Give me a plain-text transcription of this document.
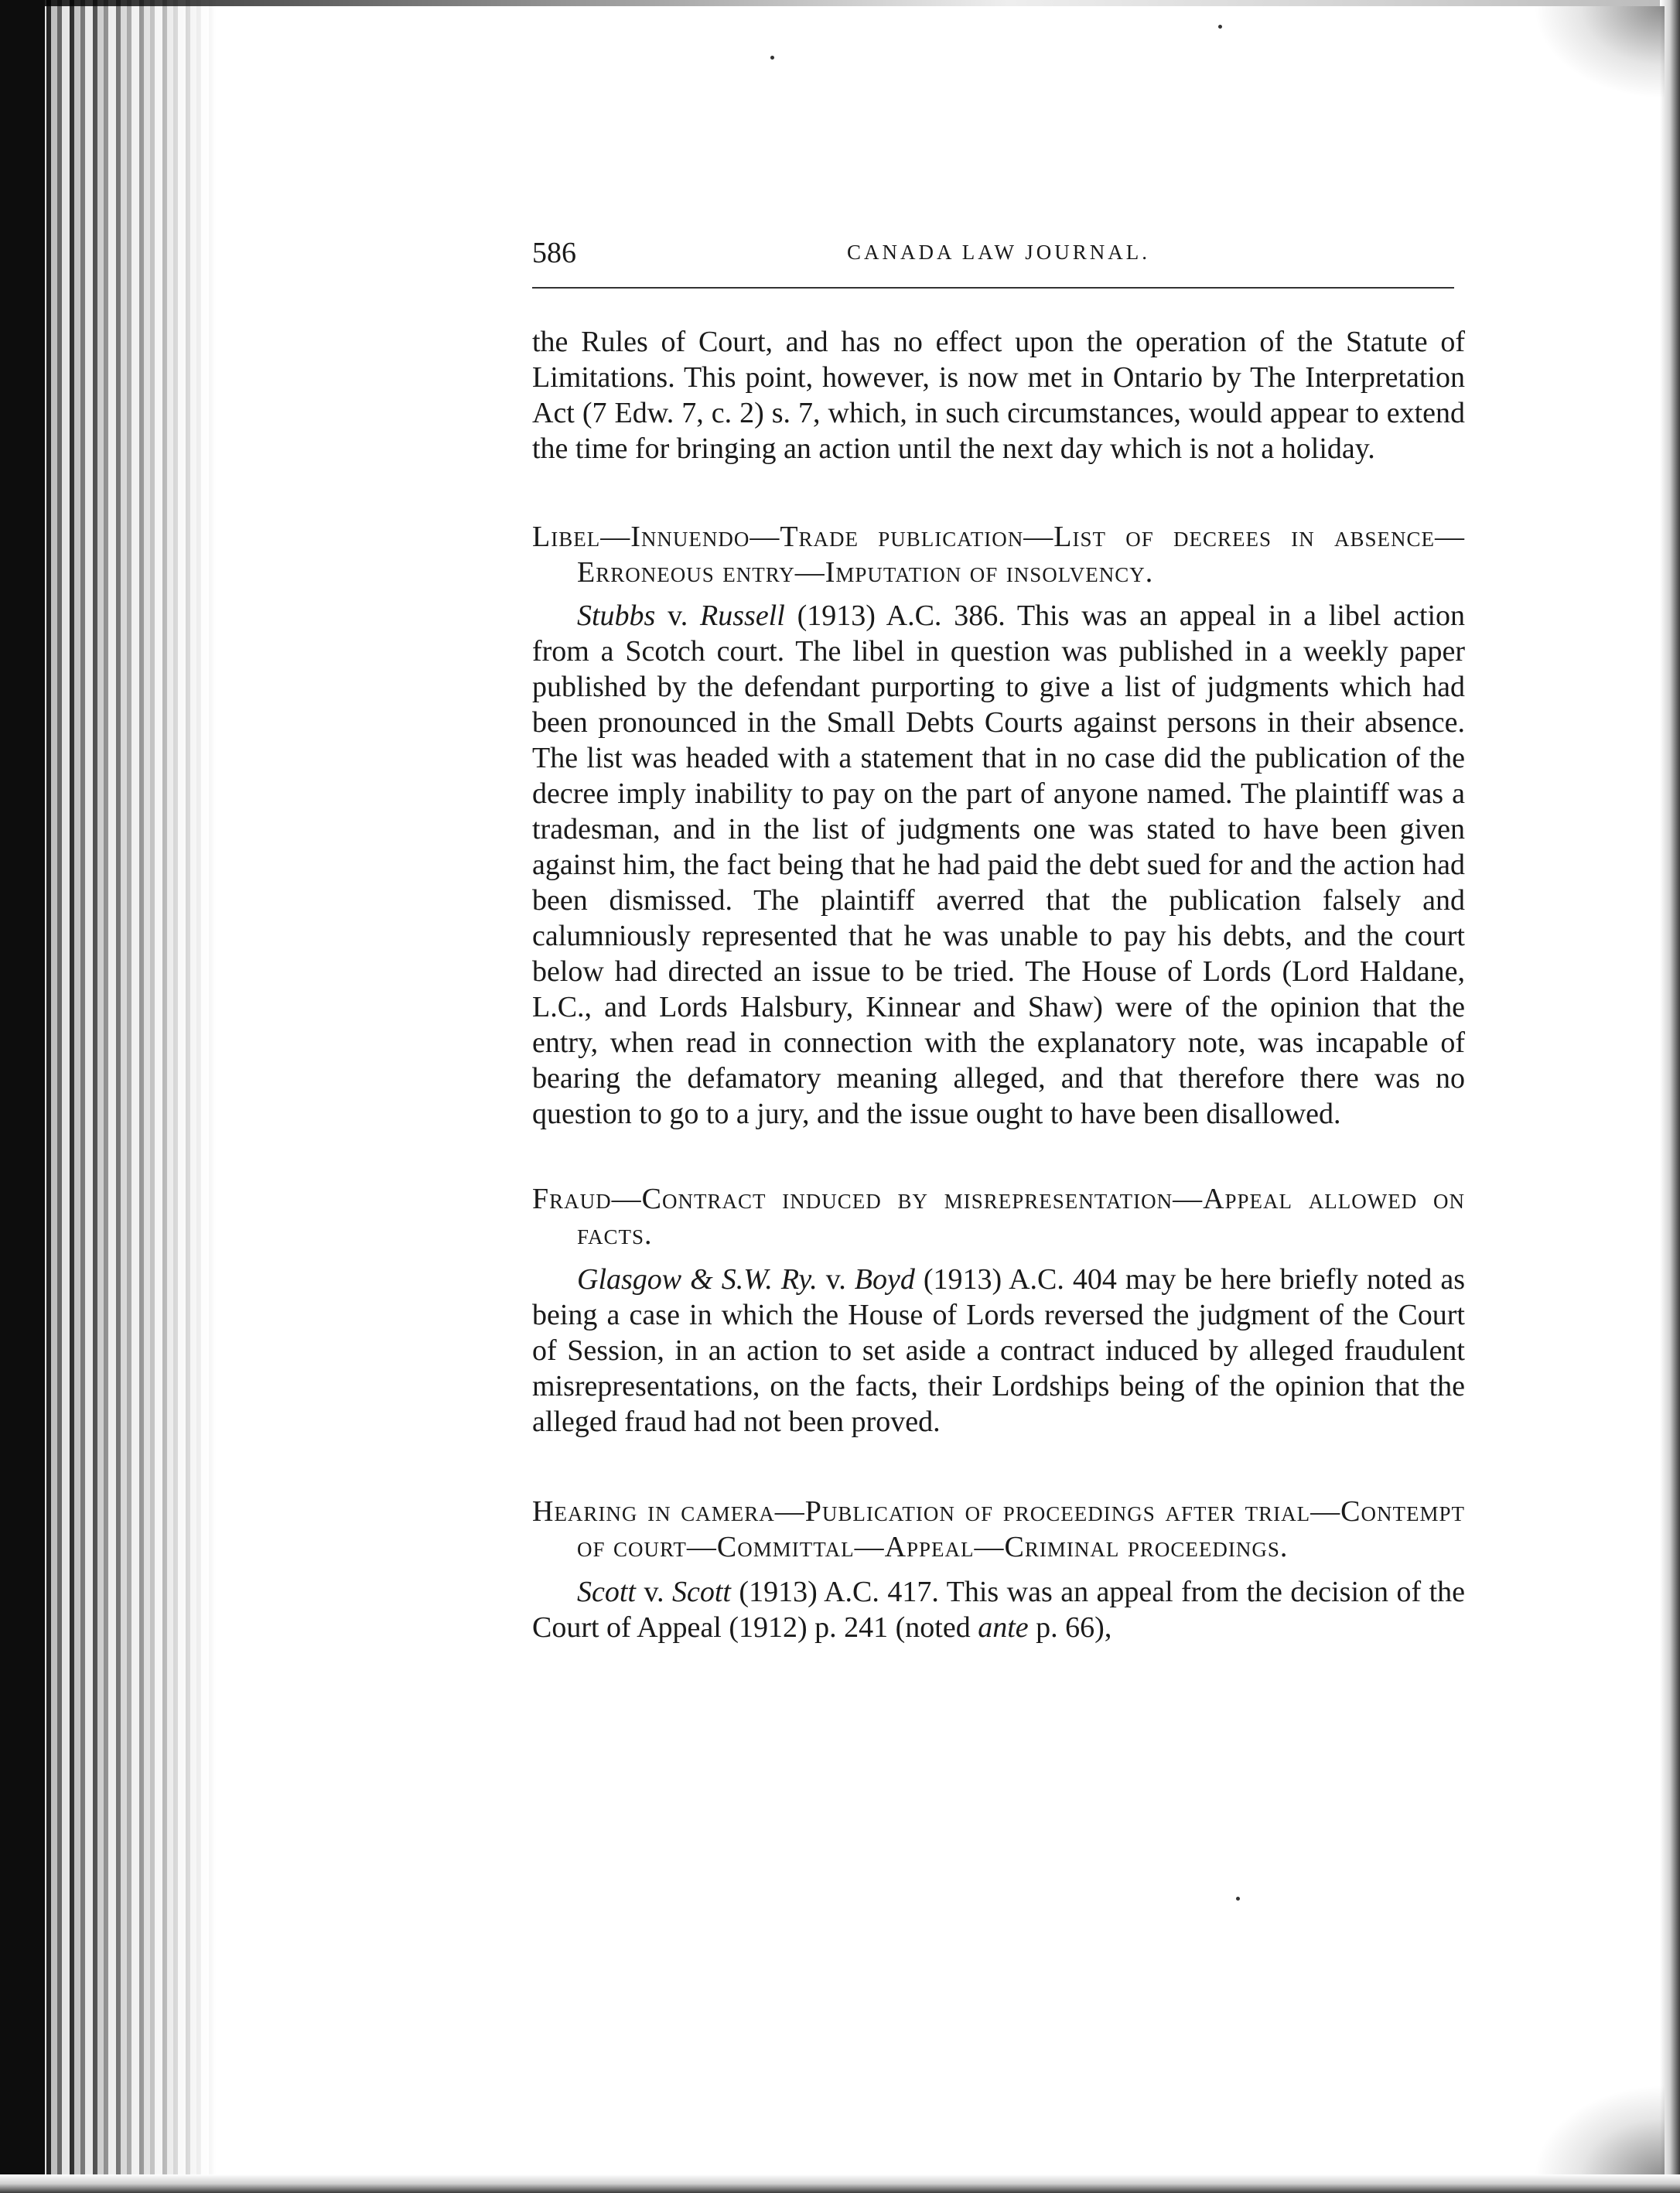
586	CANADA LAW JOURNAL.

the Rules of Court, and has no effect upon the operation of the Statute of Limitations. This point, however, is now met in Ontario by The Interpretation Act (7 Edw. 7, c. 2) s. 7, which, in such circumstances, would appear to extend the time for bringing an action until the next day which is not a holiday.

Libel—Innuendo—Trade publication—List of decrees in absence—Erroneous entry—Imputation of insolvency.

Stubbs v. Russell (1913) A.C. 386. This was an appeal in a libel action from a Scotch court. The libel in question was published in a weekly paper published by the defendant purporting to give a list of judgments which had been pronounced in the Small Debts Courts against persons in their absence. The list was headed with a statement that in no case did the publication of the decree imply inability to pay on the part of anyone named. The plaintiff was a tradesman, and in the list of judgments one was stated to have been given against him, the fact being that he had paid the debt sued for and the action had been dismissed. The plaintiff averred that the publication falsely and calumniously represented that he was unable to pay his debts, and the court below had directed an issue to be tried. The House of Lords (Lord Haldane, L.C., and Lords Halsbury, Kinnear and Shaw) were of the opinion that the entry, when read in connection with the explanatory note, was incapable of bearing the defamatory meaning alleged, and that therefore there was no question to go to a jury, and the issue ought to have been disallowed.

Fraud—Contract induced by misrepresentation—Appeal allowed on facts.

Glasgow & S.W. Ry. v. Boyd (1913) A.C. 404 may be here briefly noted as being a case in which the House of Lords reversed the judgment of the Court of Session, in an action to set aside a contract induced by alleged fraudulent misrepresentations, on the facts, their Lordships being of the opinion that the alleged fraud had not been proved.

Hearing in camera—Publication of proceedings after trial—Contempt of court—Committal—Appeal—Criminal proceedings.

Scott v. Scott (1913) A.C. 417. This was an appeal from the decision of the Court of Appeal (1912) p. 241 (noted ante p. 66),
